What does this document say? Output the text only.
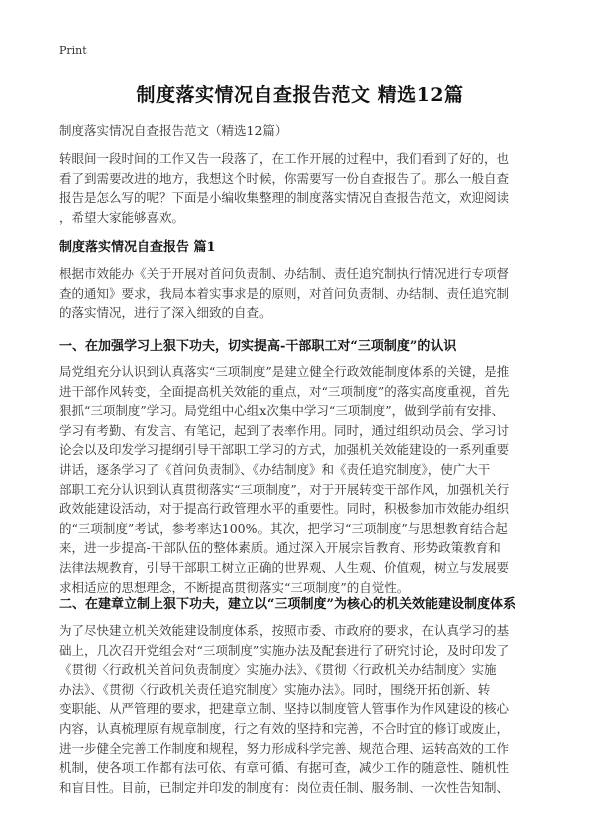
Print
制度落实情况自查报告范文 精选12篇
制度落实情况自查报告范文（精选12篇）
转眼间一段时间的工作又告一段落了，在工作开展的过程中，我们看到了好的，也
看了到需要改进的地方，我想这个时候，你需要写一份自查报告了。那么一般自查
报告是怎么写的呢？下面是小编收集整理的制度落实情况自查报告范文，欢迎阅读
，希望大家能够喜欢。
制度落实情况自查报告 篇1
根据市效能办《关于开展对首问负责制、办结制、责任追究制执行情况进行专项督
查的通知》要求，我局本着实事求是的原则，对首问负责制、办结制、责任追究制
的落实情况，进行了深入细致的自查。
一、在加强学习上狠下功夫，切实提高-干部职工对“三项制度”的认识
局党组充分认识到认真落实“三项制度”是建立健全行政效能制度体系的关键，是推
进干部作风转变，全面提高机关效能的重点，对“三项制度”的落实高度重视，首先
狠抓“三项制度”学习。局党组中心组x次集中学习“三项制度”，做到学前有安排、
学习有考勤、有发言、有笔记，起到了表率作用。同时，通过组织动员会、学习讨
论会以及印发学习提纲引导干部职工学习的方式，加强机关效能建设的一系列重要
讲话，逐条学习了《首问负责制》、《办结制度》和《责任追究制度》，使广大干
部职工充分认识到认真贯彻落实“三项制度”，对于开展转变干部作风，加强机关行
政效能建设活动，对于提高行政管理水平的重要性。同时，积极参加市效能办组织
的“三项制度”考试，参考率达100%。其次，把学习“三项制度”与思想教育结合起
来，进一步提高-干部队伍的整体素质。通过深入开展宗旨教育、形势政策教育和
法律法规教育，引导干部职工树立正确的世界观、人生观、价值观，树立与发展要
求相适应的思想理念，不断提高贯彻落实“三项制度”的自觉性。
二、在建章立制上狠下功夫，建立以“三项制度”为核心的机关效能建设制度体系
为了尽快建立机关效能建设制度体系，按照市委、市政府的要求，在认真学习的基
础上，几次召开党组会对“三项制度”实施办法及配套进行了研究讨论，及时印发了
《贯彻〈行政机关首问负责制度〉实施办法》、《贯彻〈行政机关办结制度〉实施
办法》、《贯彻〈行政机关责任追究制度〉实施办法》。同时，围绕开拓创新、转
变职能、从严管理的要求，把建章立制、坚持以制度管人管事作为作风建设的核心
内容，认真梳理原有规章制度，行之有效的坚持和完善，不合时宜的修订或废止，
进一步健全完善工作制度和规程，努力形成科学完善、规范合理、运转高效的工作
机制，使各项工作都有法可依、有章可循、有据可查，减少工作的随意性、随机性
和盲目性。目前，已制定并印发的制度有：岗位责任制、服务制、一次性告知制、
